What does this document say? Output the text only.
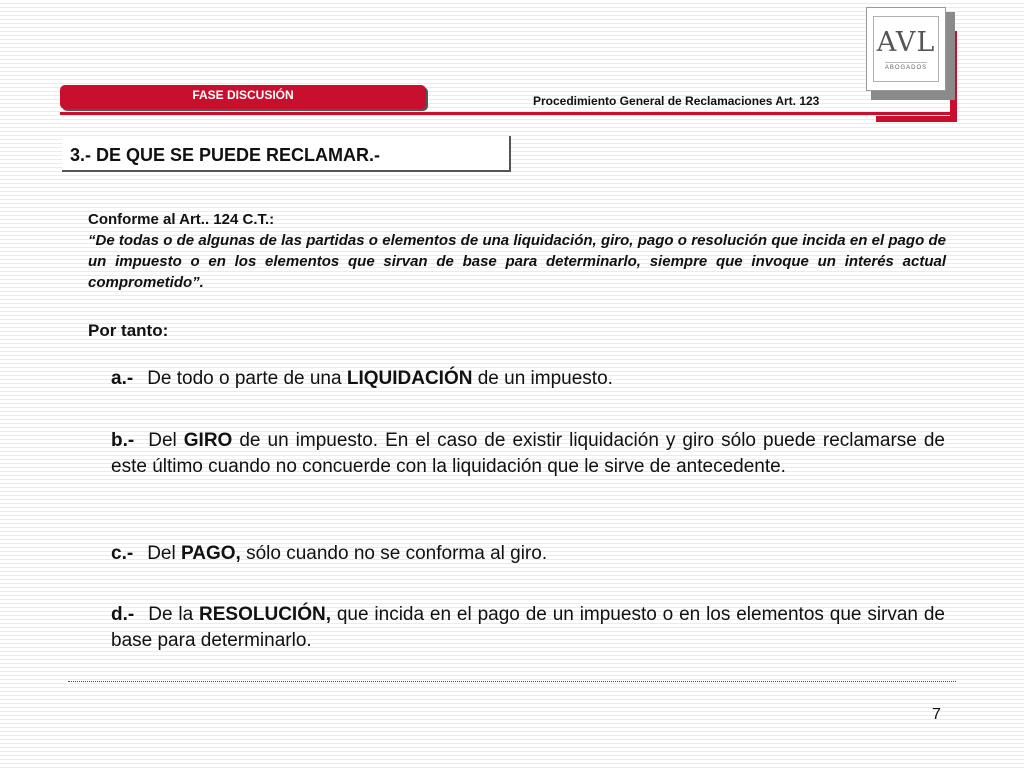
AVL
ABOGADOS
FASE DISCUSIÓN	Procedimiento General de Reclamaciones Art. 123
3.- DE QUE SE PUEDE RECLAMAR.-
Conforme al Art.. 124 C.T.:
“De todas o de algunas de las partidas o elementos de una liquidación, giro, pago o resolución que incida en el pago de un impuesto o en los elementos que sirvan de base para determinarlo, siempre que invoque un interés actual comprometido”.
Por tanto:
a.- De todo o parte de una LIQUIDACIÓN de un impuesto.
b.- Del GIRO de un impuesto. En el caso de existir liquidación y giro sólo puede reclamarse de este último cuando no concuerde con la liquidación que le sirve de antecedente.
c.- Del PAGO, sólo cuando no se conforma al giro.
d.- De la RESOLUCIÓN, que incida en el pago de un impuesto o en los elementos que sirvan de base para determinarlo.
7
